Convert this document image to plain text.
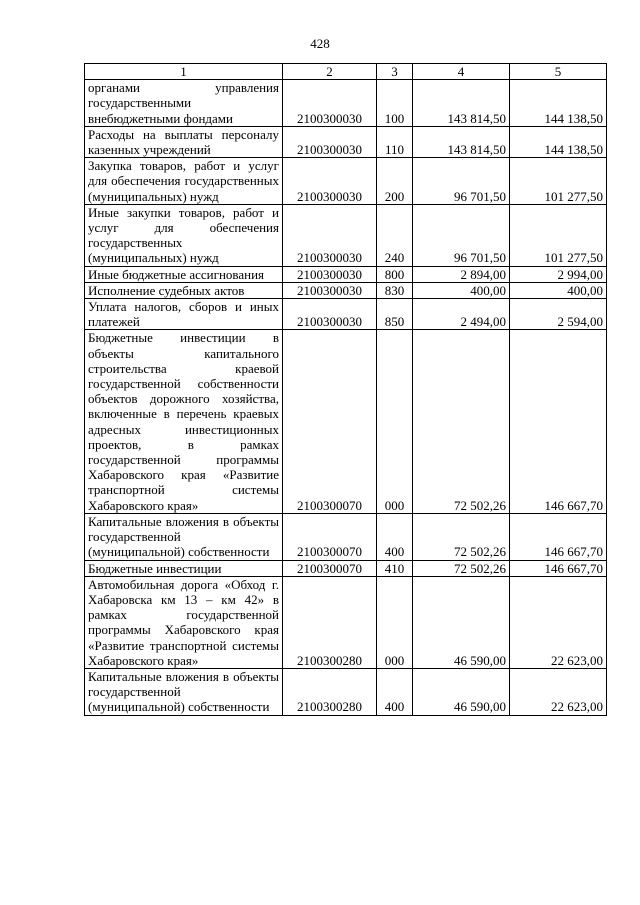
428
1	2	3	4	5
органами управления государственными внебюджетными фондами	2100300030	100	143 814,50	144 138,50
Расходы на выплаты персоналу казенных учреждений	2100300030	110	143 814,50	144 138,50
Закупка товаров, работ и услуг для обеспечения государственных (муниципальных) нужд	2100300030	200	96 701,50	101 277,50
Иные закупки товаров, работ и услуг для обеспечения государственных (муниципальных) нужд	2100300030	240	96 701,50	101 277,50
Иные бюджетные ассигнования	2100300030	800	2 894,00	2 994,00
Исполнение судебных актов	2100300030	830	400,00	400,00
Уплата налогов, сборов и иных платежей	2100300030	850	2 494,00	2 594,00
Бюджетные инвестиции в объекты капитального строительства краевой государственной собственности объектов дорожного хозяйства, включенные в перечень краевых адресных инвестиционных проектов, в рамках государственной программы Хабаровского края «Развитие транспортной системы Хабаровского края»	2100300070	000	72 502,26	146 667,70
Капитальные вложения в объекты государственной (муниципальной) собственности	2100300070	400	72 502,26	146 667,70
Бюджетные инвестиции	2100300070	410	72 502,26	146 667,70
Автомобильная дорога «Обход г. Хабаровска км 13 – км 42» в рамках государственной программы Хабаровского края «Развитие транспортной системы Хабаровского края»	2100300280	000	46 590,00	22 623,00
Капитальные вложения в объекты государственной (муниципальной) собственности	2100300280	400	46 590,00	22 623,00
